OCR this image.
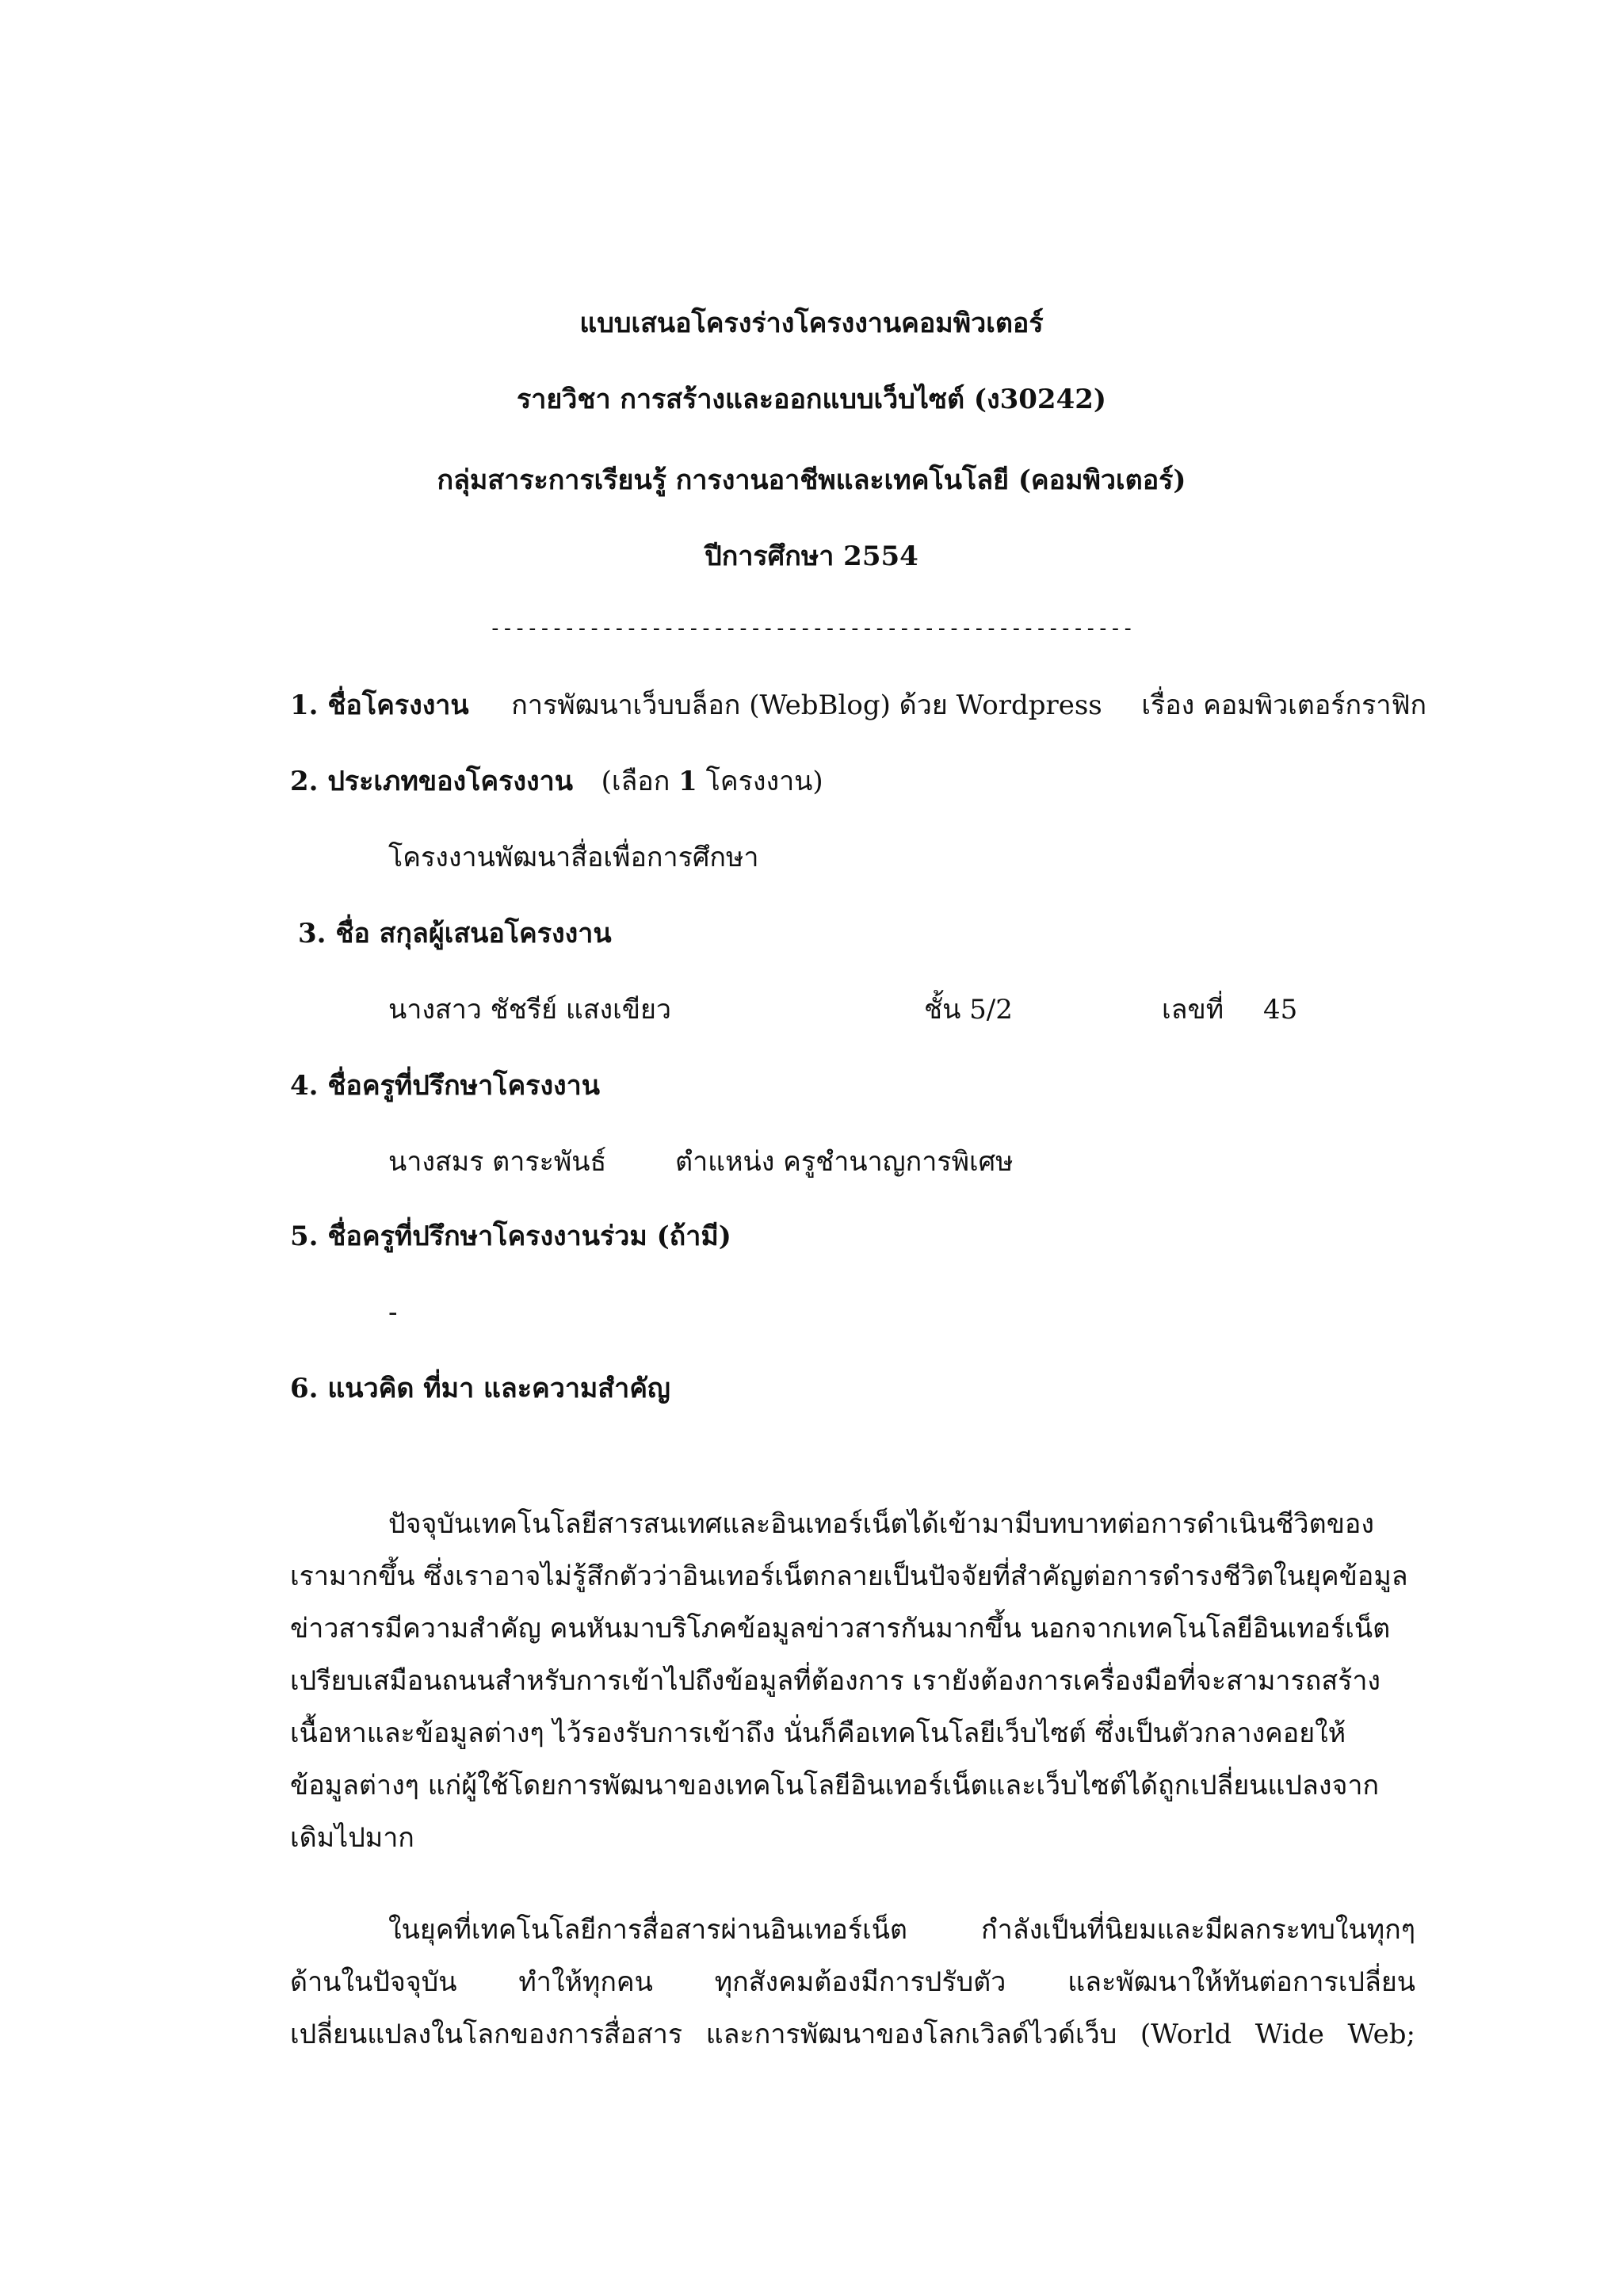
แบบเสนอโครงร่างโครงงานคอมพิวเตอร์
รายวิชา การสร้างและออกแบบเว็บไซต์ (ง30242)
กลุ่มสาระการเรียนรู้ การงานอาชีพและเทคโนโลยี (คอมพิวเตอร์)
ปีการศึกษา 2554
----------------------------------------------------
1. ชื่อโครงงาน การพัฒนาเว็บบล็อก (WebBlog) ด้วย Wordpress เรื่อง คอมพิวเตอร์กราฟิก
2. ประเภทของโครงงาน (เลือก 1 โครงงาน)
โครงงานพัฒนาสื่อเพื่อการศึกษา
3. ชื่อ สกุลผู้เสนอโครงงาน
นางสาว ชัชรีย์ แสงเขียว	ชั้น 5/2	เลขที่ 45
4. ชื่อครูที่ปรึกษาโครงงาน
นางสมร ตาระพันธ์	ตำแหน่ง ครูชำนาญการพิเศษ
5. ชื่อครูที่ปรึกษาโครงงานร่วม (ถ้ามี)
-
6. แนวคิด ที่มา และความสำคัญ
ปัจจุบันเทคโนโลยีสารสนเทศและอินเทอร์เน็ตได้เข้ามามีบทบาทต่อการดำเนินชีวิตของ
เรามากขึ้น ซึ่งเราอาจไม่รู้สึกตัวว่าอินเทอร์เน็ตกลายเป็นปัจจัยที่สำคัญต่อการดำรงชีวิตในยุคข้อมูล
ข่าวสารมีความสำคัญ คนหันมาบริโภคข้อมูลข่าวสารกันมากขึ้น นอกจากเทคโนโลยีอินเทอร์เน็ต
เปรียบเสมือนถนนสำหรับการเข้าไปถึงข้อมูลที่ต้องการ เรายังต้องการเครื่องมือที่จะสามารถสร้าง
เนื้อหาและข้อมูลต่างๆ ไว้รองรับการเข้าถึง นั่นก็คือเทคโนโลยีเว็บไซต์ ซึ่งเป็นตัวกลางคอยให้
ข้อมูลต่างๆ แก่ผู้ใช้โดยการพัฒนาของเทคโนโลยีอินเทอร์เน็ตและเว็บไซต์ได้ถูกเปลี่ยนแปลงจาก
เดิมไปมาก
ในยุคที่เทคโนโลยีการสื่อสารผ่านอินเทอร์เน็ต กำลังเป็นที่นิยมและมีผลกระทบในทุกๆ
ด้านในปัจจุบัน ทำให้ทุกคน ทุกสังคมต้องมีการปรับตัว และพัฒนาให้ทันต่อการเปลี่ยน
เปลี่ยนแปลงในโลกของการสื่อสาร และการพัฒนาของโลกเวิลด์ไวด์เว็บ (World Wide Web;
